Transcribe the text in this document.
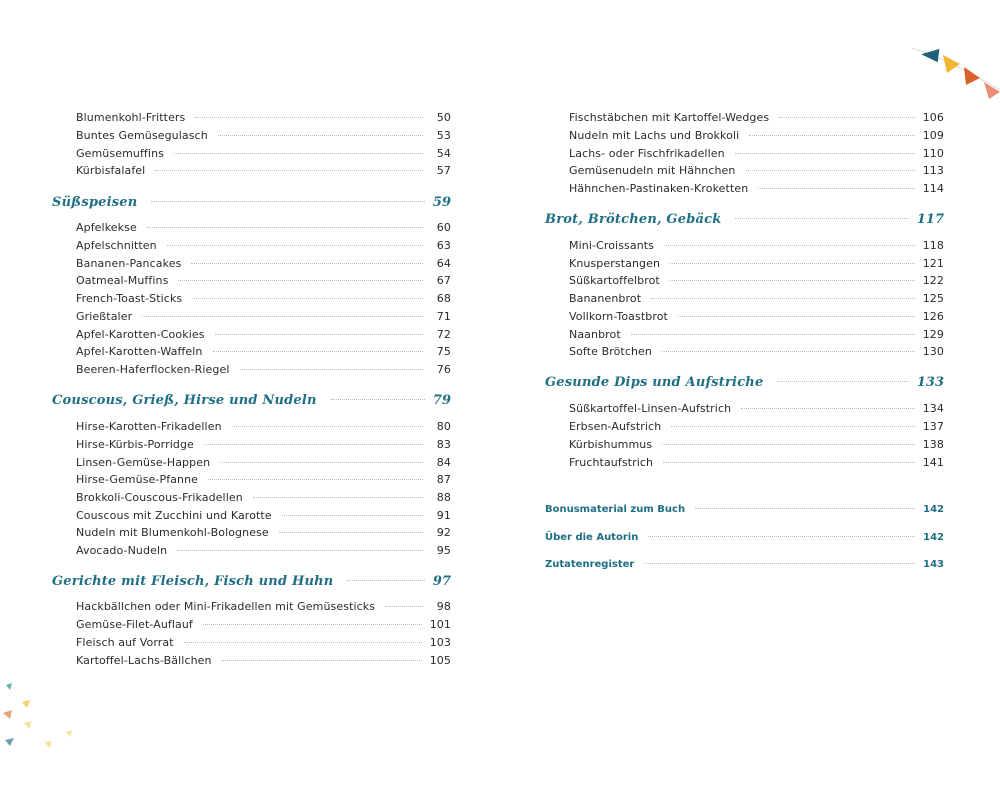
Blumenkohl-Fritters	50
Buntes Gemüsegulasch	53
Gemüsemuffins	54
Kürbisfalafel	57
Süßspeisen	59
Apfelkekse	60
Apfelschnitten	63
Bananen-Pancakes	64
Oatmeal-Muffins	67
French-Toast-Sticks	68
Grießtaler	71
Apfel-Karotten-Cookies	72
Apfel-Karotten-Waffeln	75
Beeren-Haferflocken-Riegel	76
Couscous, Grieß, Hirse und Nudeln	79
Hirse-Karotten-Frikadellen	80
Hirse-Kürbis-Porridge	83
Linsen-Gemüse-Happen	84
Hirse-Gemüse-Pfanne	87
Brokkoli-Couscous-Frikadellen	88
Couscous mit Zucchini und Karotte	91
Nudeln mit Blumenkohl-Bolognese	92
Avocado-Nudeln	95
Gerichte mit Fleisch, Fisch und Huhn	97
Hackbällchen oder Mini-Frikadellen mit Gemüsesticks	98
Gemüse-Filet-Auflauf	101
Fleisch auf Vorrat	103
Kartoffel-Lachs-Bällchen	105
Fischstäbchen mit Kartoffel-Wedges	106
Nudeln mit Lachs und Brokkoli	109
Lachs- oder Fischfrikadellen	110
Gemüsenudeln mit Hähnchen	113
Hähnchen-Pastinaken-Kroketten	114
Brot, Brötchen, Gebäck	117
Mini-Croissants	118
Knusperstangen	121
Süßkartoffelbrot	122
Bananenbrot	125
Vollkorn-Toastbrot	126
Naanbrot	129
Softe Brötchen	130
Gesunde Dips und Aufstriche	133
Süßkartoffel-Linsen-Aufstrich	134
Erbsen-Aufstrich	137
Kürbishummus	138
Fruchtaufstrich	141
Bonusmaterial zum Buch	142
Über die Autorin	142
Zutatenregister	143
